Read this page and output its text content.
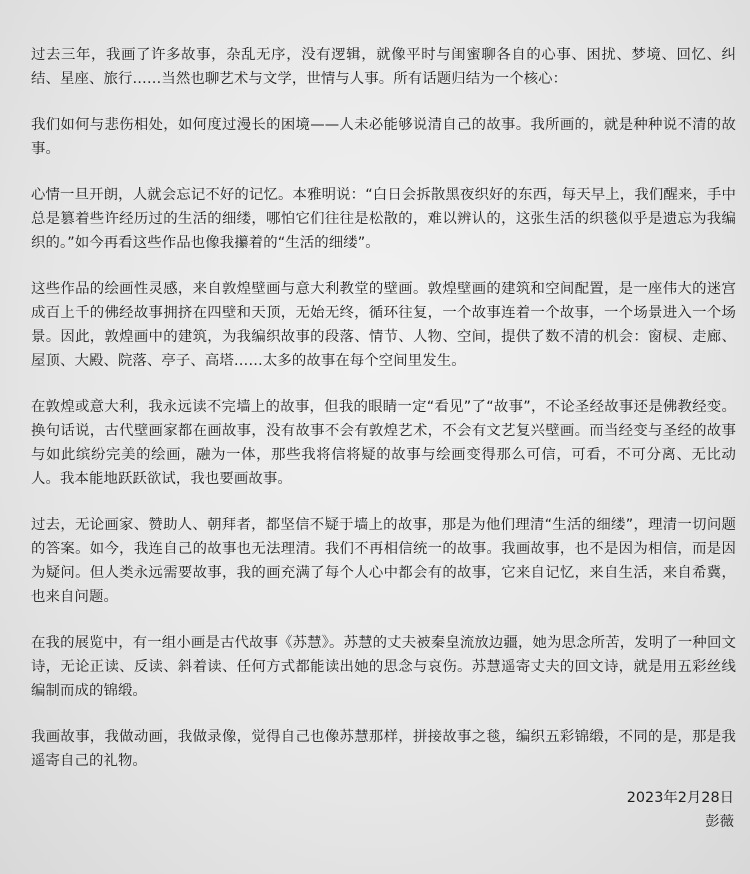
过去三年，我画了许多故事，杂乱无序，没有逻辑，就像平时与闺蜜聊各自的心事、困扰、梦境、回忆、纠结、星座、旅行……当然也聊艺术与文学，世情与人事。所有话题归结为一个核心：

我们如何与悲伤相处，如何度过漫长的困境——人未必能够说清自己的故事。我所画的，就是种种说不清的故事。

心情一旦开朗，人就会忘记不好的记忆。本雅明说：“白日会拆散黑夜织好的东西，每天早上，我们醒来，手中总是篡着些许经历过的生活的细缕，哪怕它们往往是松散的，难以辨认的，这张生活的织毯似乎是遗忘为我编织的。”如今再看这些作品也像我攥着的“生活的细缕”。

这些作品的绘画性灵感，来自敦煌壁画与意大利教堂的壁画。敦煌壁画的建筑和空间配置，是一座伟大的迷宫成百上千的佛经故事拥挤在四壁和天顶，无始无终，循环往复，一个故事连着一个故事，一个场景进入一个场景。因此，敦煌画中的建筑，为我编织故事的段落、情节、人物、空间，提供了数不清的机会：窗棂、走廊、屋顶、大殿、院落、亭子、高塔……太多的故事在每个空间里发生。

在敦煌或意大利，我永远读不完墙上的故事，但我的眼睛一定“看见”了“故事”，不论圣经故事还是佛教经变。换句话说，古代壁画家都在画故事，没有故事不会有敦煌艺术，不会有文艺复兴壁画。而当经变与圣经的故事与如此缤纷完美的绘画，融为一体，那些我将信将疑的故事与绘画变得那么可信，可看，不可分离、无比动人。我本能地跃跃欲试，我也要画故事。

过去，无论画家、赞助人、朝拜者，都坚信不疑于墙上的故事，那是为他们理清“生活的细缕”，理清一切问题的答案。如今，我连自己的故事也无法理清。我们不再相信统一的故事。我画故事，也不是因为相信，而是因为疑问。但人类永远需要故事，我的画充满了每个人心中都会有的故事，它来自记忆，来自生活，来自希冀，也来自问题。

在我的展览中，有一组小画是古代故事《苏慧》。苏慧的丈夫被秦皇流放边疆，她为思念所苦，发明了一种回文诗，无论正读、反读、斜着读、任何方式都能读出她的思念与哀伤。苏慧遥寄丈夫的回文诗，就是用五彩丝线编制而成的锦缎。

我画故事，我做动画，我做录像，觉得自己也像苏慧那样，拼接故事之毯，编织五彩锦缎，不同的是，那是我遥寄自己的礼物。

2023年2月28日
彭薇
